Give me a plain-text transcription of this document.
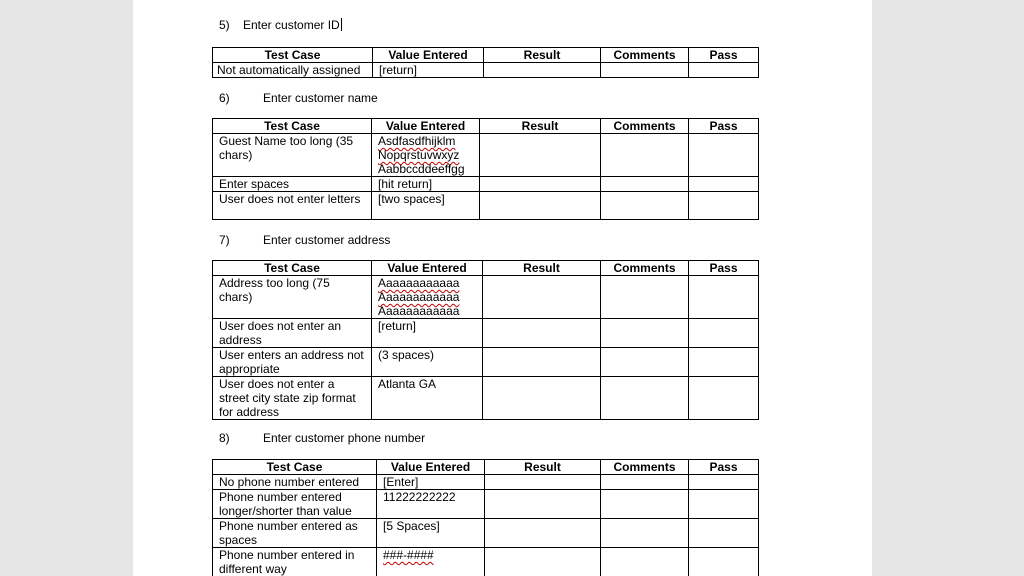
5) Enter customer ID
Test Case	Value Entered	Result	Comments	Pass
Not automatically assigned	[return]			
6)	Enter customer name
Test Case	Value Entered	Result	Comments	Pass
Guest Name too long (35 chars)	Asdfasdfhijklm
Nopqrstuvwxyz
Aabbccddeeffgg			

Enter spaces	[hit return]			
User does not enter letters	[two spaces]			
7)	Enter customer address
Test Case	Value Entered	Result	Comments	Pass
Address too long (75 chars)	Aaaaaaaaaaaa
Aaaaaaaaaaaa
Aaaaaaaaaaaa			

User does not enter an address	[return]			
User enters an address not appropriate	(3 spaces)			
User does not enter a street city state zip format for address	Atlanta GA			
8)	Enter customer phone number
Test Case	Value Entered	Result	Comments	Pass
No phone number entered	[Enter]			
Phone number entered longer/shorter than value	11222222222			
Phone number entered as spaces	[5 Spaces]			
Phone number entered in different way	###-####			
